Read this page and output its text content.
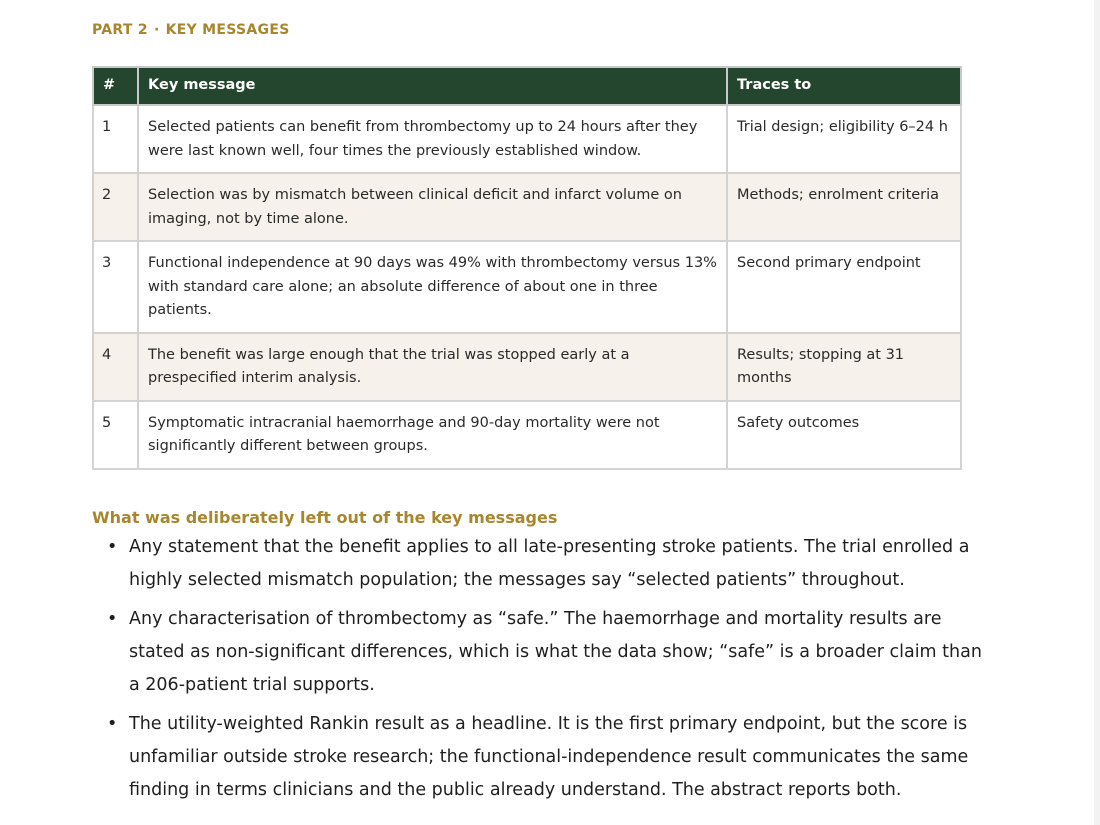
PART 2 · KEY MESSAGES
#	Key message	Traces to
1	Selected patients can benefit from thrombectomy up to 24 hours after they were last known well, four times the previously established window.	Trial design; eligibility 6–24 h
2	Selection was by mismatch between clinical deficit and infarct volume on imaging, not by time alone.	Methods; enrolment criteria
3	Functional independence at 90 days was 49% with thrombectomy versus 13% with standard care alone; an absolute difference of about one in three patients.	Second primary endpoint
4	The benefit was large enough that the trial was stopped early at a prespecified interim analysis.	Results; stopping at 31 months
5	Symptomatic intracranial haemorrhage and 90-day mortality were not significantly different between groups.	Safety outcomes
What was deliberately left out of the key messages
• Any statement that the benefit applies to all late-presenting stroke patients. The trial enrolled a highly selected mismatch population; the messages say “selected patients” throughout.
• Any characterisation of thrombectomy as “safe.” The haemorrhage and mortality results are stated as non-significant differences, which is what the data show; “safe” is a broader claim than a 206-patient trial supports.
• The utility-weighted Rankin result as a headline. It is the first primary endpoint, but the score is unfamiliar outside stroke research; the functional-independence result communicates the same finding in terms clinicians and the public already understand. The abstract reports both.
